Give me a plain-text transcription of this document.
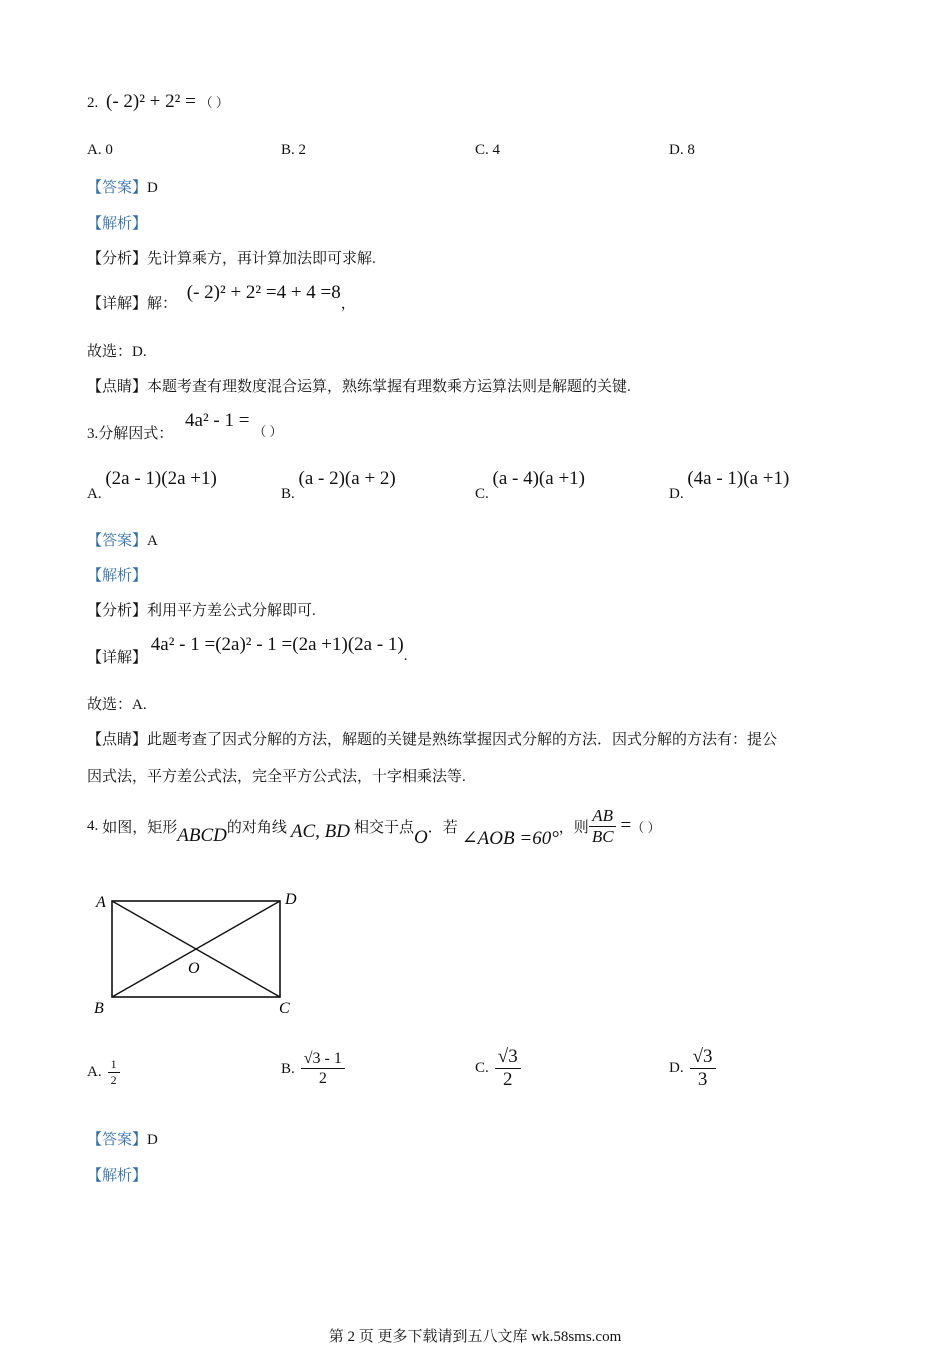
2. (- 2)² + 2² = （ ）
A. 0	B. 2	C. 4	D. 8
【答案】D
【解析】
【分析】先计算乘方，再计算加法即可求解.
【详解】解： (- 2)² + 2² =4 + 4 =8，
故选：D.
【点睛】本题考查有理数度混合运算，熟练掌握有理数乘方运算法则是解题的关键.
3.分解因式： 4a² - 1 = （ ）
A. (2a - 1)(2a +1)
B. (a - 2)(a + 2)
C. (a - 4)(a +1)
D. (4a - 1)(a +1)
【答案】A
【解析】
【分析】利用平方差公式分解即可.
【详解】 4a² - 1 =(2a)² - 1 =(2a +1)(2a - 1).
故选：A.
【点睛】此题考查了因式分解的方法，解题的关键是熟练掌握因式分解的方法．因式分解的方法有：提公
因式法，平方差公式法，完全平方公式法，十字相乘法等.
4. 如图，矩形 ABCD 的对角线 AC, BD 相交于点 O ．若 ∠AOB =60° ，则 $\frac{AB}{BC}$ = （ ）
A	D
O
B	C
A. $\frac{1}{2}$	B. $\frac{√3 - 1}{2}$	C. $\frac{√3}{2}$	D. $\frac{√3}{3}$
【答案】D
【解析】
第 2 页 更多下载请到五八文库 wk.58sms.com
